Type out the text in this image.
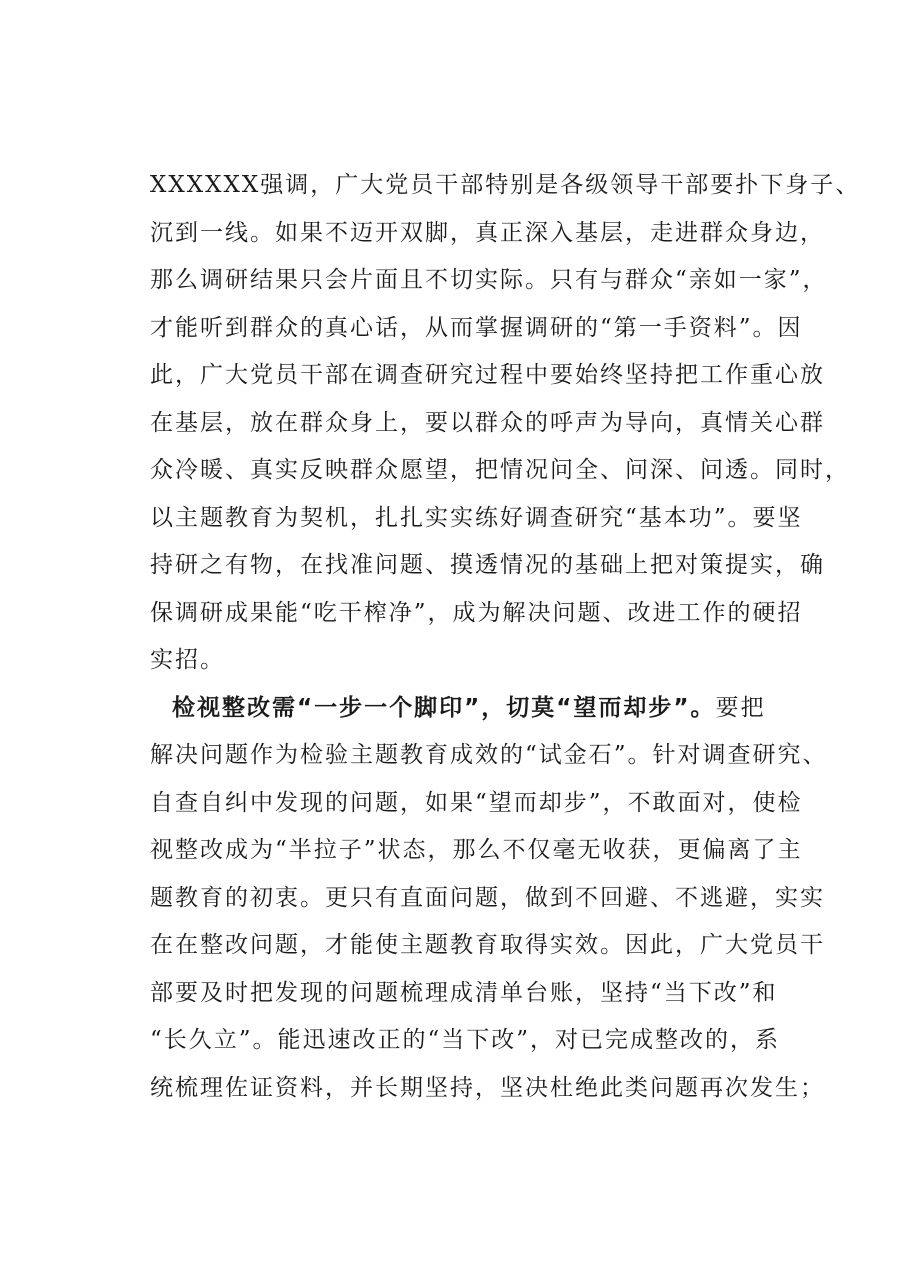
XXXXXX强调，广大党员干部特别是各级领导干部要扑下身子、
沉到一线。如果不迈开双脚，真正深入基层，走进群众身边，
那么调研结果只会片面且不切实际。只有与群众“亲如一家”，
才能听到群众的真心话，从而掌握调研的“第一手资料”。因
此，广大党员干部在调查研究过程中要始终坚持把工作重心放
在基层，放在群众身上，要以群众的呼声为导向，真情关心群
众冷暖、真实反映群众愿望，把情况问全、问深、问透。同时，
以主题教育为契机，扎扎实实练好调查研究“基本功”。要坚
持研之有物，在找准问题、摸透情况的基础上把对策提实，确
保调研成果能“吃干榨净”，成为解决问题、改进工作的硬招
实招。
检视整改需“一步一个脚印”，切莫“望而却步”。要把
解决问题作为检验主题教育成效的“试金石”。针对调查研究、
自查自纠中发现的问题，如果“望而却步”，不敢面对，使检
视整改成为“半拉子”状态，那么不仅毫无收获，更偏离了主
题教育的初衷。更只有直面问题，做到不回避、不逃避，实实
在在整改问题，才能使主题教育取得实效。因此，广大党员干
部要及时把发现的问题梳理成清单台账，坚持“当下改”和
“长久立”。能迅速改正的“当下改”，对已完成整改的，系
统梳理佐证资料，并长期坚持，坚决杜绝此类问题再次发生；
